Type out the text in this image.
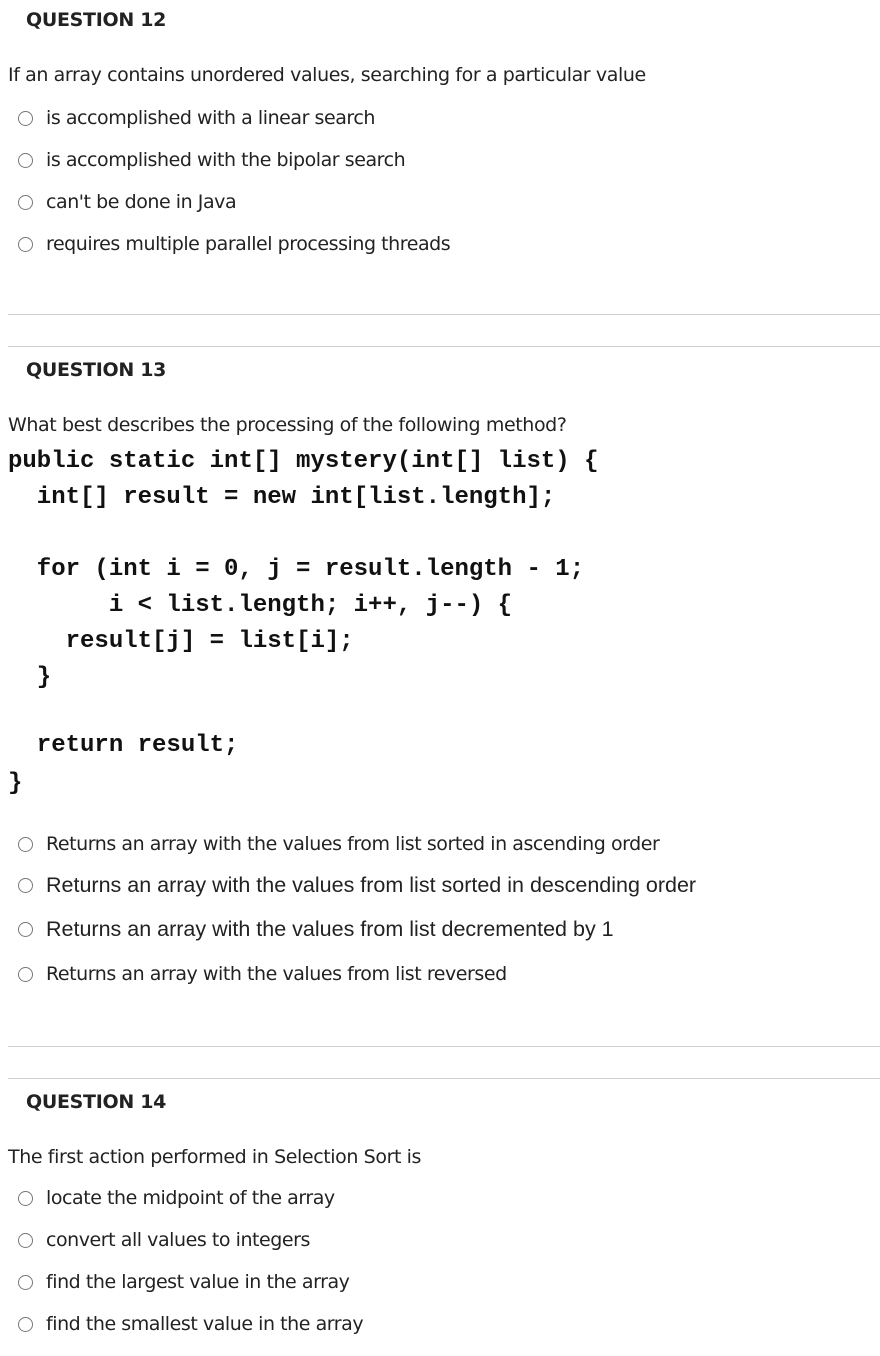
QUESTION 12
If an array contains unordered values, searching for a particular value
is accomplished with a linear search
is accomplished with the bipolar search
can't be done in Java
requires multiple parallel processing threads
QUESTION 13
What best describes the processing of the following method?
public static int[] mystery(int[] list) {
int[] result = new int[list.length];
for (int i = 0, j = result.length - 1;
i < list.length; i++, j--) {
result[j] = list[i];
}
return result;
}
Returns an array with the values from list sorted in ascending order
Returns an array with the values from list sorted in descending order
Returns an array with the values from list decremented by 1
Returns an array with the values from list reversed
QUESTION 14
The first action performed in Selection Sort is
locate the midpoint of the array
convert all values to integers
find the largest value in the array
find the smallest value in the array
